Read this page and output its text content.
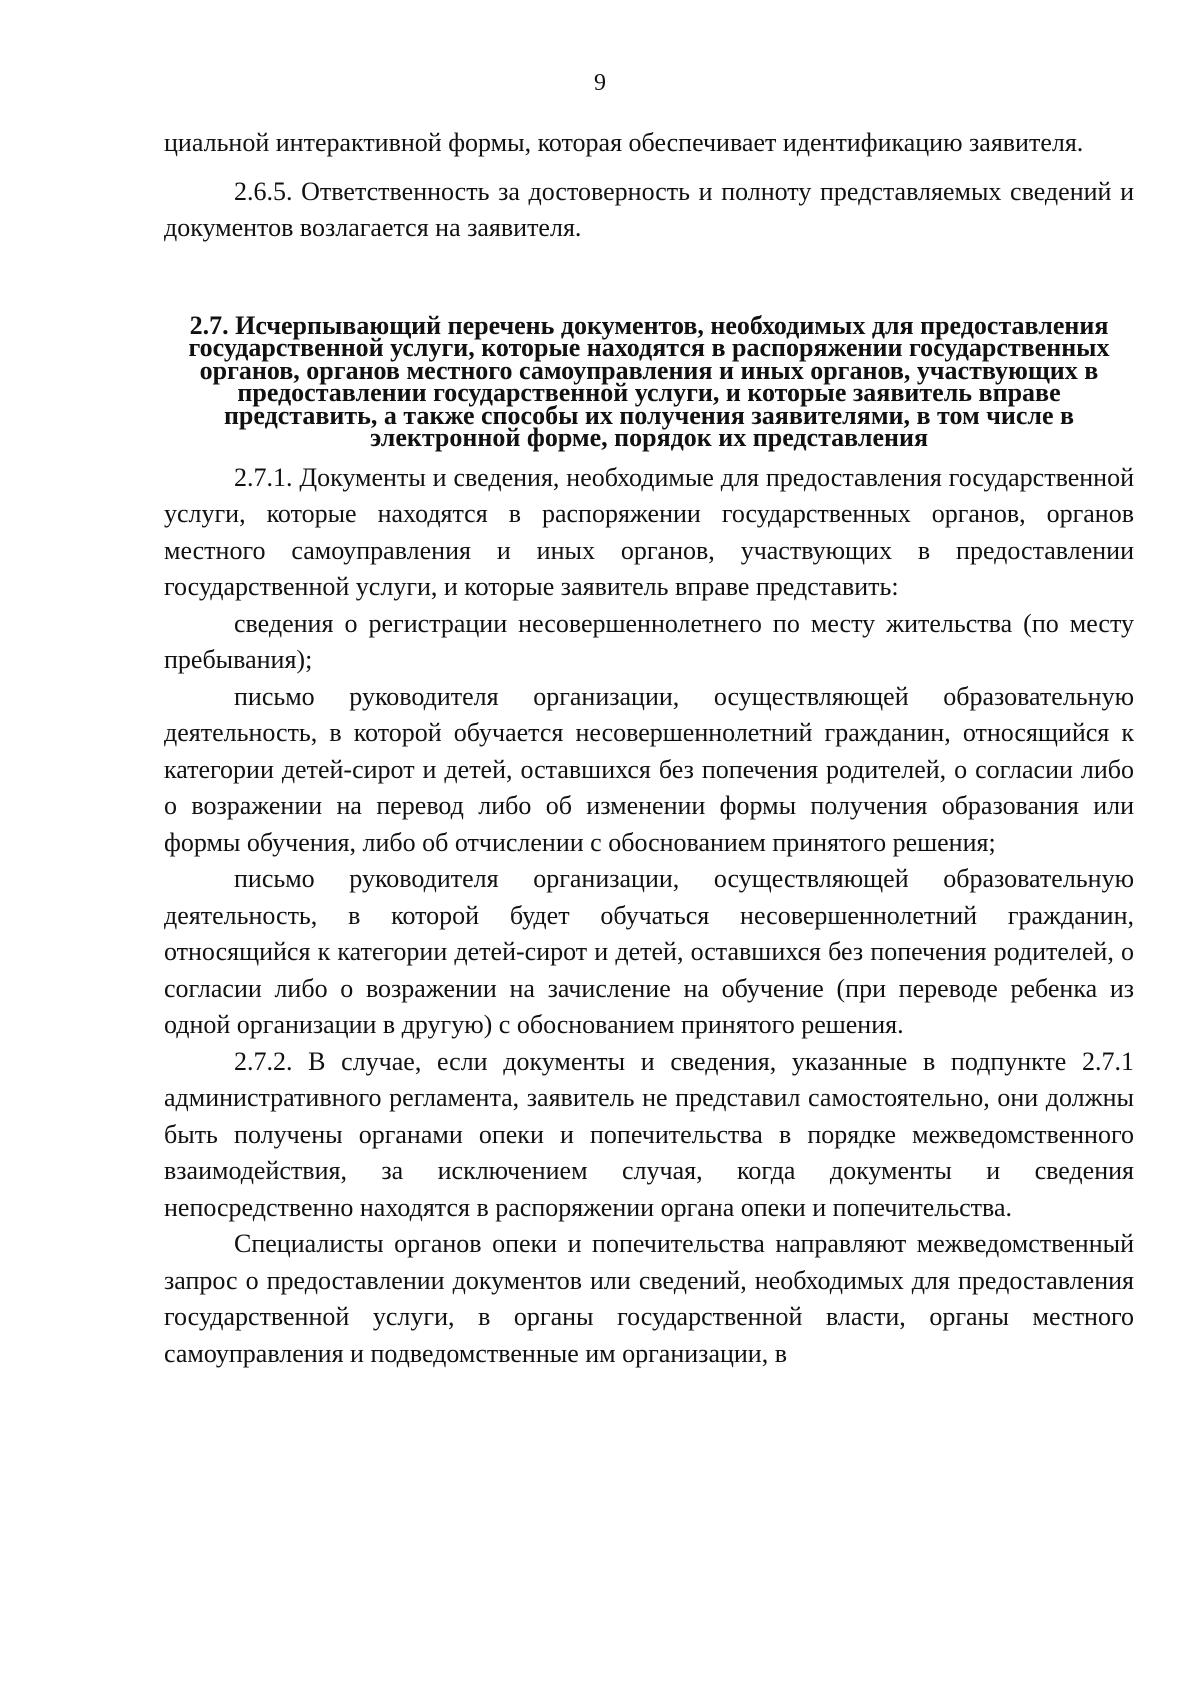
9

циальной интерактивной формы, которая обеспечивает идентификацию заявителя.

2.6.5. Ответственность за достоверность и полноту представляемых сведений и документов возлагается на заявителя.

2.7. Исчерпывающий перечень документов, необходимых для предоставления государственной услуги, которые находятся в распоряжении государственных органов, органов местного самоуправления и иных органов, участвующих в предоставлении государственной услуги, и которые заявитель вправе представить, а также способы их получения заявителями, в том числе в электронной форме, порядок их представления

2.7.1. Документы и сведения, необходимые для предоставления государственной услуги, которые находятся в распоряжении государственных органов, органов местного самоуправления и иных органов, участвующих в предоставлении государственной услуги, и которые заявитель вправе представить:

сведения о регистрации несовершеннолетнего по месту жительства (по месту пребывания);

письмо руководителя организации, осуществляющей образовательную деятельность, в которой обучается несовершеннолетний гражданин, относящийся к категории детей-сирот и детей, оставшихся без попечения родителей, о согласии либо о возражении на перевод либо об изменении формы получения образования или формы обучения, либо об отчислении с обоснованием принятого решения;

письмо руководителя организации, осуществляющей образовательную деятельность, в которой будет обучаться несовершеннолетний гражданин, относящийся к категории детей-сирот и детей, оставшихся без попечения родителей, о согласии либо о возражении на зачисление на обучение (при переводе ребенка из одной организации в другую) с обоснованием принятого решения.

2.7.2. В случае, если документы и сведения, указанные в подпункте 2.7.1 административного регламента, заявитель не представил самостоятельно, они должны быть получены органами опеки и попечительства в порядке межведомственного взаимодействия, за исключением случая, когда документы и сведения непосредственно находятся в распоряжении органа опеки и попечительства.

Специалисты органов опеки и попечительства направляют межведомственный запрос о предоставлении документов или сведений, необходимых для предоставления государственной услуги, в органы государственной власти, органы местного самоуправления и подведомственные им организации, в
